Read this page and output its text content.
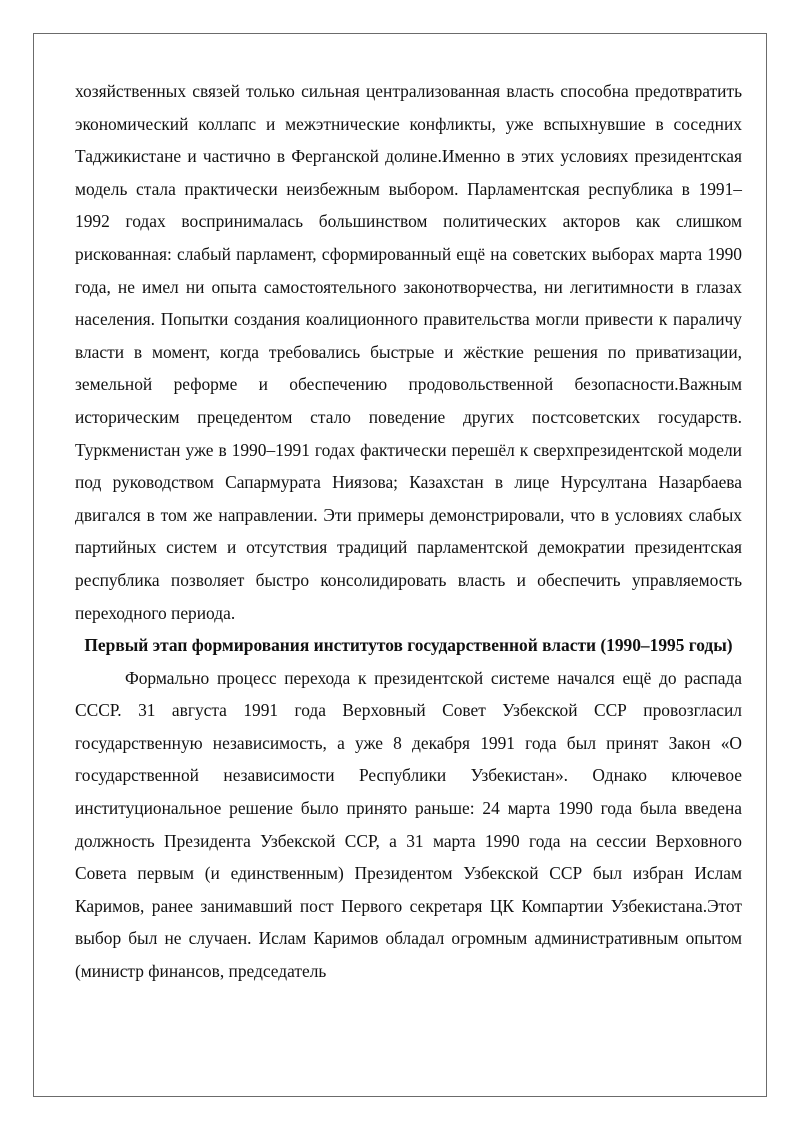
хозяйственных связей только сильная централизованная власть способна предотвратить экономический коллапс и межэтнические конфликты, уже вспыхнувшие в соседних Таджикистане и частично в Ферганской долине.Именно в этих условиях президентская модель стала практически неизбежным выбором. Парламентская республика в 1991–1992 годах воспринималась большинством политических акторов как слишком рискованная: слабый парламент, сформированный ещё на советских выборах марта 1990 года, не имел ни опыта самостоятельного законотворчества, ни легитимности в глазах населения. Попытки создания коалиционного правительства могли привести к параличу власти в момент, когда требовались быстрые и жёсткие решения по приватизации, земельной реформе и обеспечению продовольственной безопасности.Важным историческим прецедентом стало поведение других постсоветских государств. Туркменистан уже в 1990–1991 годах фактически перешёл к сверхпрезидентской модели под руководством Сапармурата Ниязова; Казахстан в лице Нурсултана Назарбаева двигался в том же направлении. Эти примеры демонстрировали, что в условиях слабых партийных систем и отсутствия традиций парламентской демократии президентская республика позволяет быстро консолидировать власть и обеспечить управляемость переходного периода.

Первый этап формирования институтов государственной власти (1990–1995 годы)

Формально процесс перехода к президентской системе начался ещё до распада СССР. 31 августа 1991 года Верховный Совет Узбекской ССР провозгласил государственную независимость, а уже 8 декабря 1991 года был принят Закон «О государственной независимости Республики Узбекистан». Однако ключевое институциональное решение было принято раньше: 24 марта 1990 года была введена должность Президента Узбекской ССР, а 31 марта 1990 года на сессии Верховного Совета первым (и единственным) Президентом Узбекской ССР был избран Ислам Каримов, ранее занимавший пост Первого секретаря ЦК Компартии Узбекистана.Этот выбор был не случаен. Ислам Каримов обладал огромным административным опытом (министр финансов, председатель
